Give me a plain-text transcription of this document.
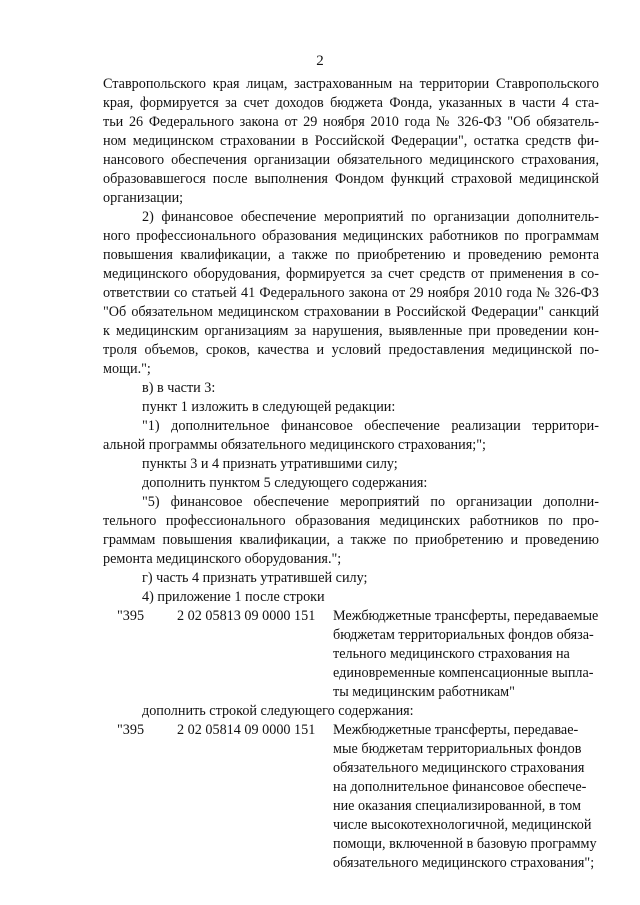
2
Ставропольского края лицам, застрахованным на территории Ставропольского
края, формируется за счет доходов бюджета Фонда, указанных в части 4 ста-
тьи 26 Федерального закона от 29 ноября 2010 года № 326-ФЗ "Об обязатель-
ном медицинском страховании в Российской Федерации", остатка средств фи-
нансового обеспечения организации обязательного медицинского страхования,
образовавшегося после выполнения Фондом функций страховой медицинской
организации;
2) финансовое обеспечение мероприятий по организации дополнитель-
ного профессионального образования медицинских работников по программам
повышения квалификации, а также по приобретению и проведению ремонта
медицинского оборудования, формируется за счет средств от применения в со-
ответствии со статьей 41 Федерального закона от 29 ноября 2010 года № 326-ФЗ
"Об обязательном медицинском страховании в Российской Федерации" санкций
к медицинским организациям за нарушения, выявленные при проведении кон-
троля объемов, сроков, качества и условий предоставления медицинской по-
мощи.";
в) в части 3:
пункт 1 изложить в следующей редакции:
"1) дополнительное финансовое обеспечение реализации территори-
альной программы обязательного медицинского страхования;";
пункты 3 и 4 признать утратившими силу;
дополнить пунктом 5 следующего содержания:
"5) финансовое обеспечение мероприятий по организации дополни-
тельного профессионального образования медицинских работников по про-
граммам повышения квалификации, а также по приобретению и проведению
ремонта медицинского оборудования.";
г) часть 4 признать утратившей силу;
4) приложение 1 после строки
"395 2 02 05813 09 0000 151 Межбюджетные трансферты, передаваемые
бюджетам территориальных фондов обяза-
тельного медицинского страхования на
единовременные компенсационные выпла-
ты медицинским работникам"
дополнить строкой следующего содержания:
"395 2 02 05814 09 0000 151 Межбюджетные трансферты, передавае-
мые бюджетам территориальных фондов
обязательного медицинского страхования
на дополнительное финансовое обеспече-
ние оказания специализированной, в том
числе высокотехнологичной, медицинской
помощи, включенной в базовую программу
обязательного медицинского страхования";
